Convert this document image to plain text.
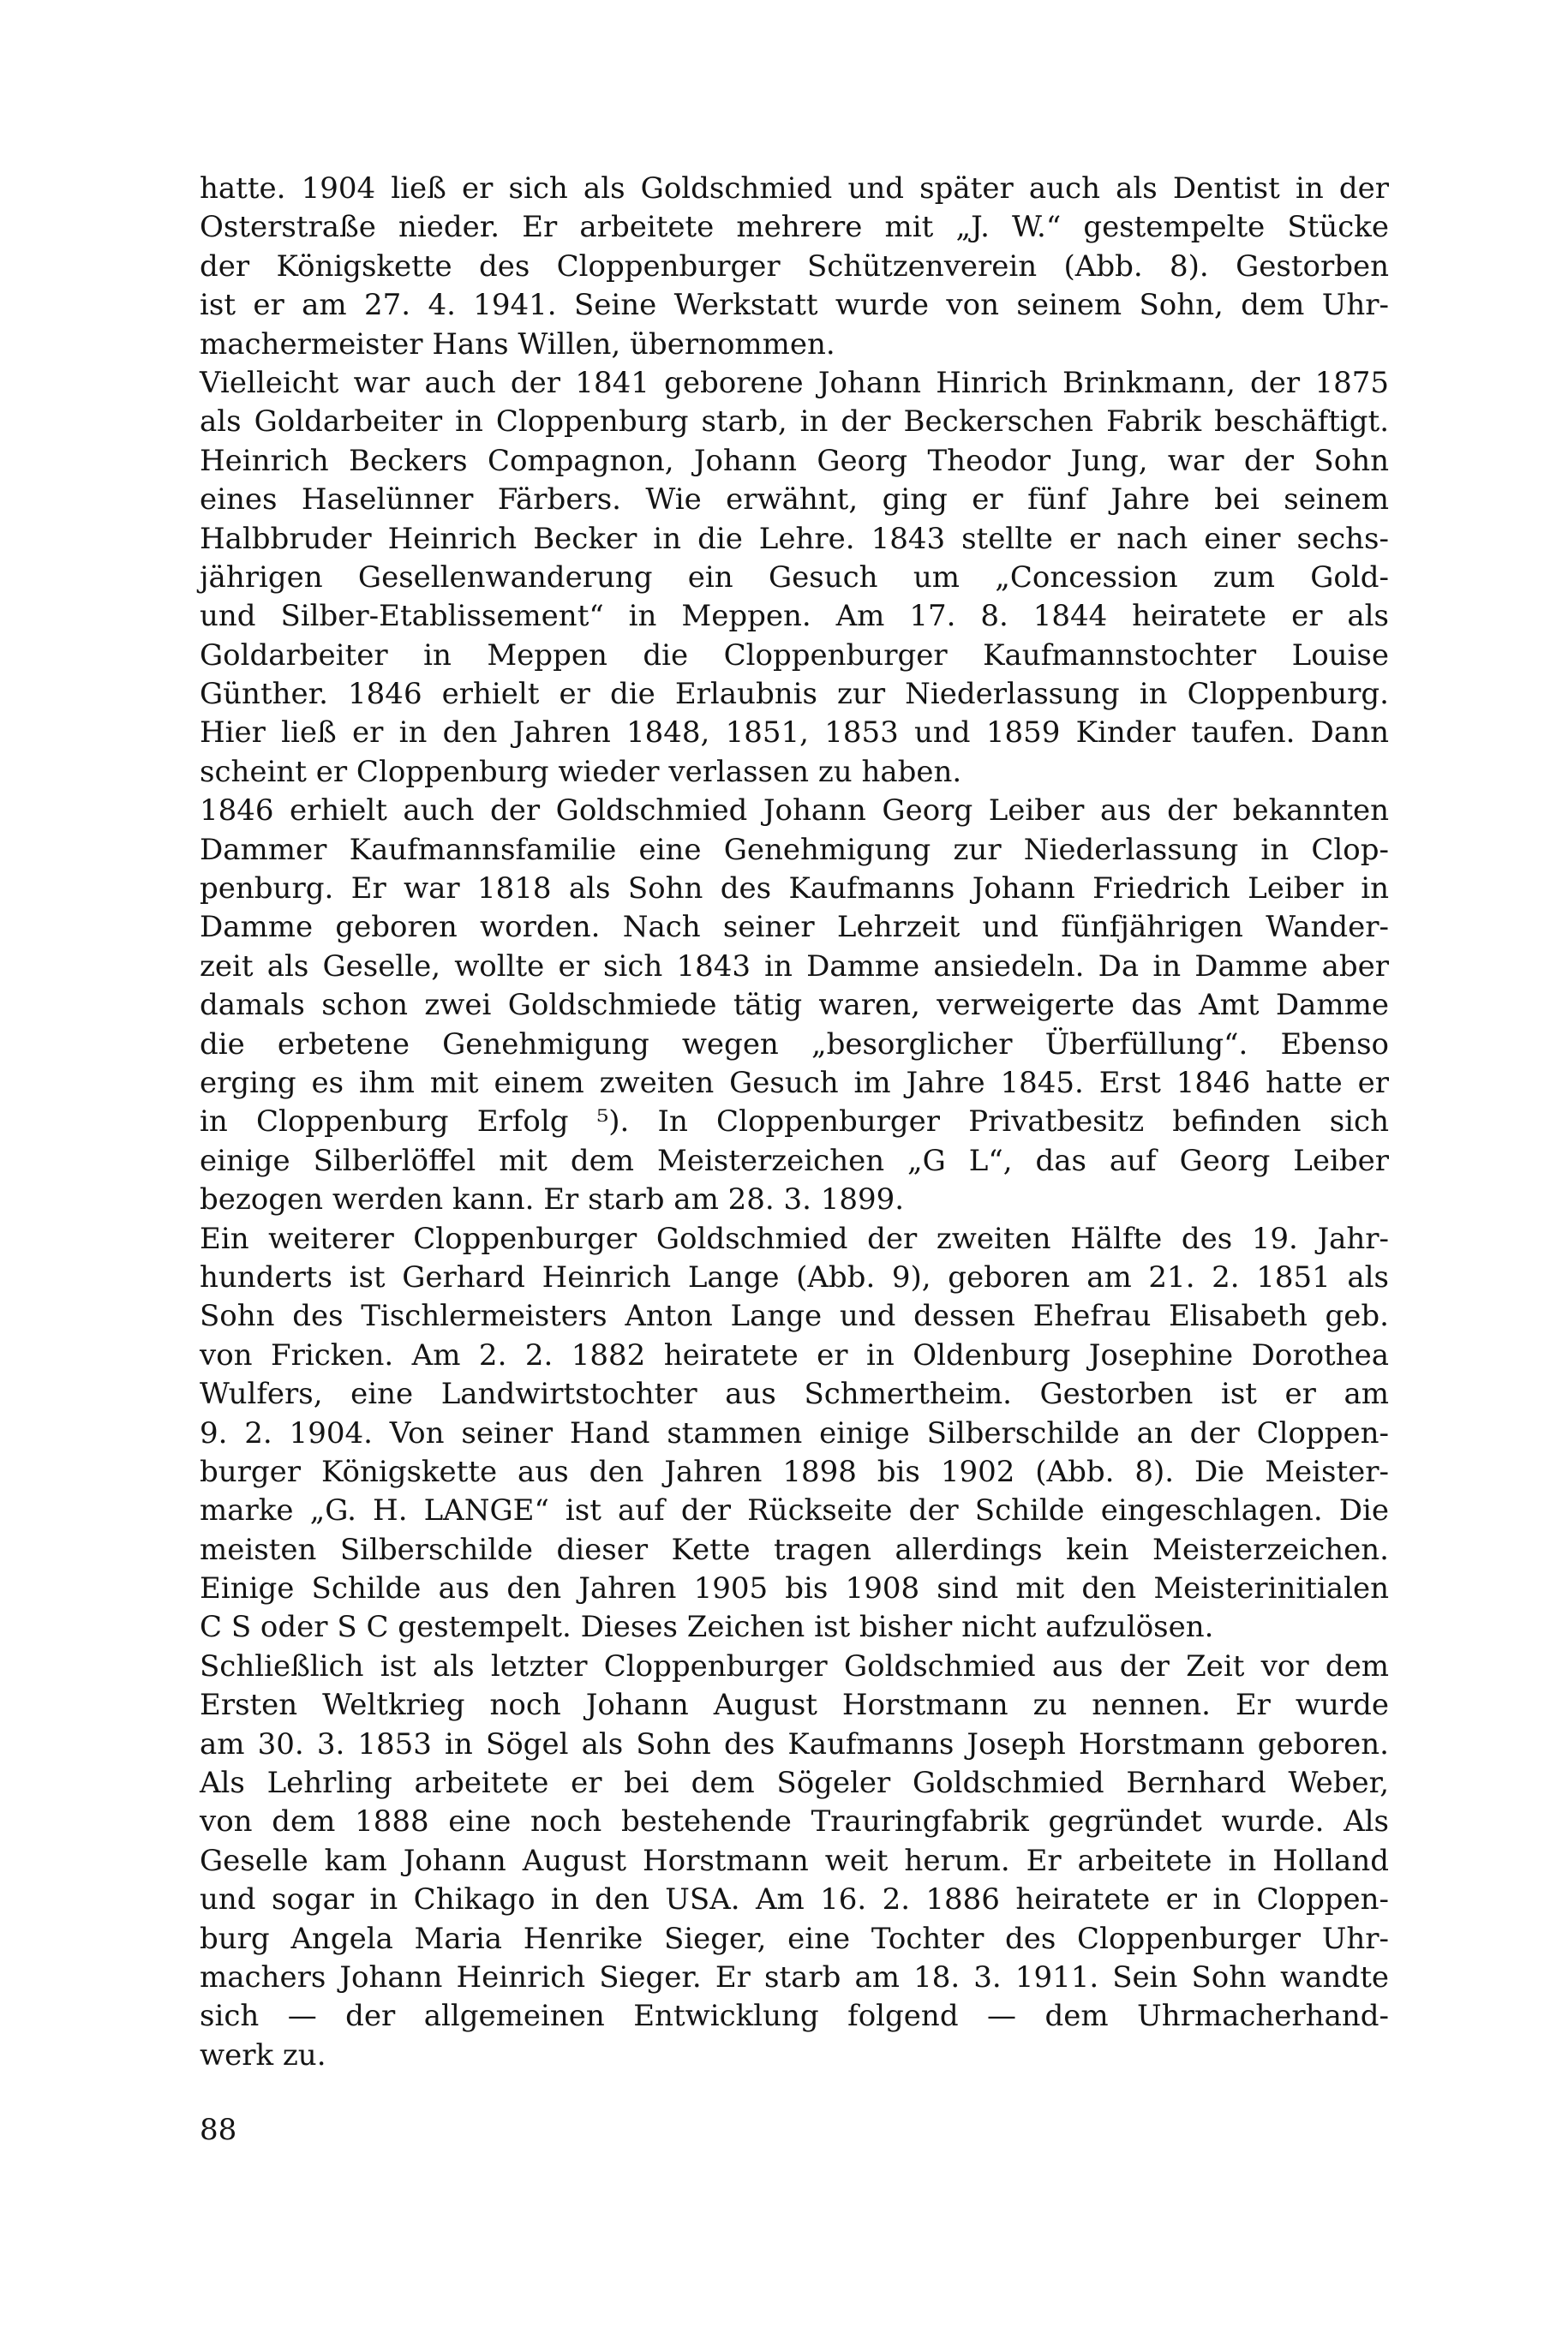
hatte. 1904 ließ er sich als Goldschmied und später auch als Dentist in der
Osterstraße nieder. Er arbeitete mehrere mit „J. W.“ gestempelte Stücke
der Königskette des Cloppenburger Schützenverein (Abb. 8). Gestorben
ist er am 27. 4. 1941. Seine Werkstatt wurde von seinem Sohn, dem Uhr-
machermeister Hans Willen, übernommen.
Vielleicht war auch der 1841 geborene Johann Hinrich Brinkmann, der 1875
als Goldarbeiter in Cloppenburg starb, in der Beckerschen Fabrik beschäftigt.
Heinrich Beckers Compagnon, Johann Georg Theodor Jung, war der Sohn
eines Haselünner Färbers. Wie erwähnt, ging er fünf Jahre bei seinem
Halbbruder Heinrich Becker in die Lehre. 1843 stellte er nach einer sechs-
jährigen Gesellenwanderung ein Gesuch um „Concession zum Gold-
und Silber-Etablissement“ in Meppen. Am 17. 8. 1844 heiratete er als
Goldarbeiter in Meppen die Cloppenburger Kaufmannstochter Louise
Günther. 1846 erhielt er die Erlaubnis zur Niederlassung in Cloppenburg.
Hier ließ er in den Jahren 1848, 1851, 1853 und 1859 Kinder taufen. Dann
scheint er Cloppenburg wieder verlassen zu haben.
1846 erhielt auch der Goldschmied Johann Georg Leiber aus der bekannten
Dammer Kaufmannsfamilie eine Genehmigung zur Niederlassung in Clop-
penburg. Er war 1818 als Sohn des Kaufmanns Johann Friedrich Leiber in
Damme geboren worden. Nach seiner Lehrzeit und fünfjährigen Wander-
zeit als Geselle, wollte er sich 1843 in Damme ansiedeln. Da in Damme aber
damals schon zwei Goldschmiede tätig waren, verweigerte das Amt Damme
die erbetene Genehmigung wegen „besorglicher Überfüllung“. Ebenso
erging es ihm mit einem zweiten Gesuch im Jahre 1845. Erst 1846 hatte er
in Cloppenburg Erfolg ⁵). In Cloppenburger Privatbesitz befinden sich
einige Silberlöffel mit dem Meisterzeichen „G L“, das auf Georg Leiber
bezogen werden kann. Er starb am 28. 3. 1899.
Ein weiterer Cloppenburger Goldschmied der zweiten Hälfte des 19. Jahr-
hunderts ist Gerhard Heinrich Lange (Abb. 9), geboren am 21. 2. 1851 als
Sohn des Tischlermeisters Anton Lange und dessen Ehefrau Elisabeth geb.
von Fricken. Am 2. 2. 1882 heiratete er in Oldenburg Josephine Dorothea
Wulfers, eine Landwirtstochter aus Schmertheim. Gestorben ist er am
9. 2. 1904. Von seiner Hand stammen einige Silberschilde an der Cloppen-
burger Königskette aus den Jahren 1898 bis 1902 (Abb. 8). Die Meister-
marke „G. H. LANGE“ ist auf der Rückseite der Schilde eingeschlagen. Die
meisten Silberschilde dieser Kette tragen allerdings kein Meisterzeichen.
Einige Schilde aus den Jahren 1905 bis 1908 sind mit den Meisterinitialen
C S oder S C gestempelt. Dieses Zeichen ist bisher nicht aufzulösen.
Schließlich ist als letzter Cloppenburger Goldschmied aus der Zeit vor dem
Ersten Weltkrieg noch Johann August Horstmann zu nennen. Er wurde
am 30. 3. 1853 in Sögel als Sohn des Kaufmanns Joseph Horstmann geboren.
Als Lehrling arbeitete er bei dem Sögeler Goldschmied Bernhard Weber,
von dem 1888 eine noch bestehende Trauringfabrik gegründet wurde. Als
Geselle kam Johann August Horstmann weit herum. Er arbeitete in Holland
und sogar in Chikago in den USA. Am 16. 2. 1886 heiratete er in Cloppen-
burg Angela Maria Henrike Sieger, eine Tochter des Cloppenburger Uhr-
machers Johann Heinrich Sieger. Er starb am 18. 3. 1911. Sein Sohn wandte
sich — der allgemeinen Entwicklung folgend — dem Uhrmacherhand-
werk zu.
88
